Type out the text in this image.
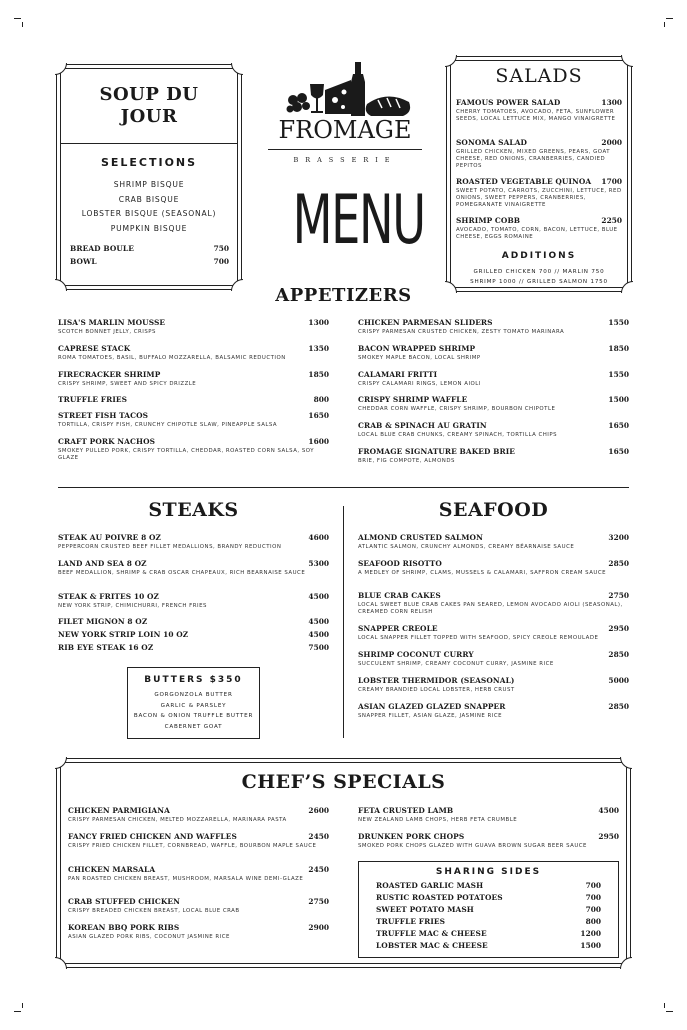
SOUP DU
JOUR
SELECTIONS
SHRIMP BISQUE
CRAB BISQUE
LOBSTER BISQUE (SEASONAL)
PUMPKIN BISQUE
BREAD BOULE	750
BOWL	700
FROMAGE
BRASSERIE
MENU
SALADS
FAMOUS POWER SALAD	1300
CHERRY TOMATOES, AVOCADO, FETA, SUNFLOWER SEEDS, LOCAL LETTUCE MIX, MANGO VINAIGRETTE
SONOMA SALAD	2000
GRILLED CHICKEN, MIXED GREENS, PEARS, GOAT CHEESE, RED ONIONS, CRANBERRIES, CANDIED PEPITOS
ROASTED VEGETABLE QUINOA 1700
SWEET POTATO, CARROTS, ZUCCHINI, LETTUCE, RED ONIONS, SWEET PEPPERS, CRANBERRIES, POMEGRANATE VINAIGRETTE
SHRIMP COBB	2250
AVOCADO, TOMATO, CORN, BACON, LETTUCE, BLUE CHEESE, EGGS ROMAINE
ADDITIONS
GRILLED CHICKEN 700 // MARLIN 750
SHRIMP 1000 // GRILLED SALMON 1750
APPETIZERS
LISA'S MARLIN MOUSSE	1300
SCOTCH BONNET JELLY, CRISPS
CAPRESE STACK	1350
ROMA TOMATOES, BASIL, BUFFALO MOZZARELLA, BALSAMIC REDUCTION
FIRECRACKER SHRIMP	1850
CRISPY SHRIMP, SWEET AND SPICY DRIZZLE
TRUFFLE FRIES	800
STREET FISH TACOS	1650
TORTILLA, CRISPY FISH, CRUNCHY CHIPOTLE SLAW, PINEAPPLE SALSA
CRAFT PORK NACHOS	1600
SMOKEY PULLED PORK, CRISPY TORTILLA, CHEDDAR, ROASTED CORN SALSA, SOY GLAZE
CHICKEN PARMESAN SLIDERS	1550
CRISPY PARMESAN CRUSTED CHICKEN, ZESTY TOMATO MARINARA
BACON WRAPPED SHRIMP	1850
SMOKEY MAPLE BACON, LOCAL SHRIMP
CALAMARI FRITTI	1550
CRISPY CALAMARI RINGS, LEMON AIOLI
CRISPY SHRIMP WAFFLE	1500
CHEDDAR CORN WAFFLE, CRISPY SHRIMP, BOURBON CHIPOTLE
CRAB & SPINACH AU GRATIN	1650
LOCAL BLUE CRAB CHUNKS, CREAMY SPINACH, TORTILLA CHIPS
FROMAGE SIGNATURE BAKED BRIE	1650
BRIE, FIG COMPOTE, ALMONDS
STEAKS
STEAK AU POIVRE 8 OZ	4600
PEPPERCORN CRUSTED BEEF FILLET MEDALLIONS, BRANDY REDUCTION
LAND AND SEA 8 OZ	5300
BEEF MEDALLION, SHRIMP & CRAB OSCAR CHAPEAUX, RICH BEARNAISE SAUCE
STEAK & FRITES 10 OZ	4500
NEW YORK STRIP, CHIMICHURRI, FRENCH FRIES
FILET MIGNON 8 OZ	4500
NEW YORK STRIP LOIN 10 OZ	4500
RIB EYE STEAK 16 OZ	7500
BUTTERS $350
GORGONZOLA BUTTER
GARLIC & PARSLEY
BACON & ONION TRUFFLE BUTTER
CABERNET GOAT
SEAFOOD
ALMOND CRUSTED SALMON	3200
ATLANTIC SALMON, CRUNCHY ALMONDS, CREAMY BÉARNAISE SAUCE
SEAFOOD RISOTTO	2850
A MEDLEY OF SHRIMP, CLAMS, MUSSELS & CALAMARI, SAFFRON CREAM SAUCE
BLUE CRAB CAKES	2750
LOCAL SWEET BLUE CRAB CAKES PAN SEARED, LEMON AVOCADO AIOLI (SEASONAL), CREAMED CORN RELISH
SNAPPER CREOLE	2950
LOCAL SNAPPER FILLET TOPPED WITH SEAFOOD, SPICY CREOLE REMOULADE
SHRIMP COCONUT CURRY	2850
SUCCULENT SHRIMP, CREAMY COCONUT CURRY, JASMINE RICE
LOBSTER THERMIDOR (SEASONAL)	5000
CREAMY BRANDIED LOCAL LOBSTER, HERB CRUST
ASIAN GLAZED GLAZED SNAPPER	2850
SNAPPER FILLET, ASIAN GLAZE, JASMINE RICE
CHEF’S SPECIALS
CHICKEN PARMIGIANA	2600
CRISPY PARMESAN CHICKEN, MELTED MOZZARELLA, MARINARA PASTA
FANCY FRIED CHICKEN AND WAFFLES	2450
CRISPY FRIED CHICKEN FILLET, CORNBREAD, WAFFLE, BOURBON MAPLE SAUCE
CHICKEN MARSALA	2450
PAN ROASTED CHICKEN BREAST, MUSHROOM, MARSALA WINE DEMI-GLAZE
CRAB STUFFED CHICKEN	2750
CRISPY BREADED CHICKEN BREAST, LOCAL BLUE CRAB
KOREAN BBQ PORK RIBS	2900
ASIAN GLAZED PORK RIBS, COCONUT JASMINE RICE
FETA CRUSTED LAMB	4500
NEW ZEALAND LAMB CHOPS, HERB FETA CRUMBLE
DRUNKEN PORK CHOPS	2950
SMOKED PORK CHOPS GLAZED WITH GUAVA BROWN SUGAR BEER SAUCE
SHARING SIDES
ROASTED GARLIC MASH	700
RUSTIC ROASTED POTATOES	700
SWEET POTATO MASH	700
TRUFFLE FRIES	800
TRUFFLE MAC & CHEESE	1200
LOBSTER MAC & CHEESE	1500
